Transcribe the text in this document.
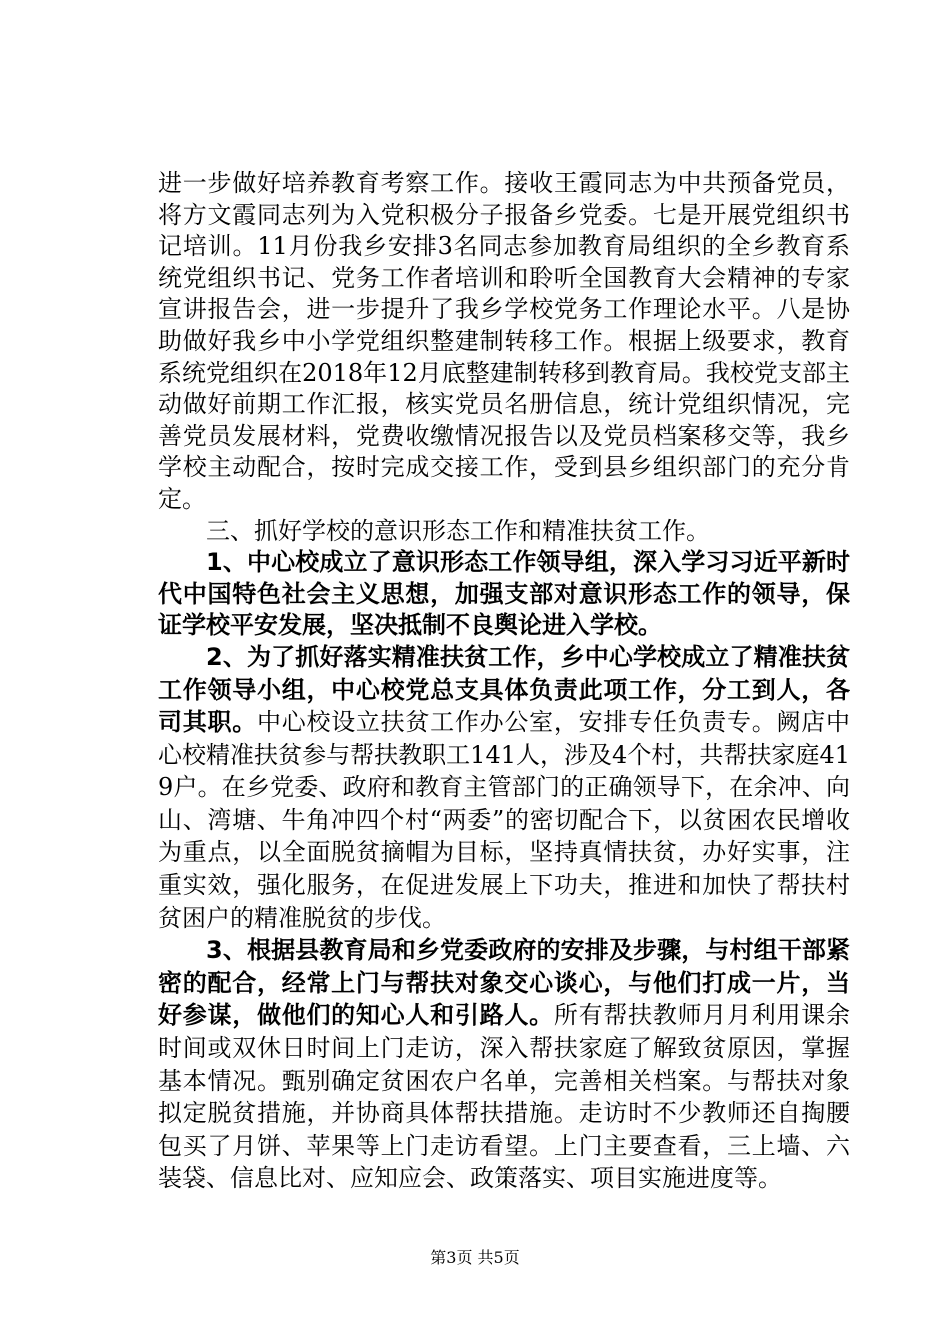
进一步做好培养教育考察工作。接收王霞同志为中共预备党员，将方文霞同志列为入党积极分子报备乡党委。七是开展党组织书记培训。11月份我乡安排3名同志参加教育局组织的全乡教育系统党组织书记、党务工作者培训和聆听全国教育大会精神的专家宣讲报告会，进一步提升了我乡学校党务工作理论水平。八是协助做好我乡中小学党组织整建制转移工作。根据上级要求，教育系统党组织在2018年12月底整建制转移到教育局。我校党支部主动做好前期工作汇报，核实党员名册信息，统计党组织情况，完善党员发展材料，党费收缴情况报告以及党员档案移交等，我乡学校主动配合，按时完成交接工作，受到县乡组织部门的充分肯定。

三、抓好学校的意识形态工作和精准扶贫工作。

1、中心校成立了意识形态工作领导组，深入学习习近平新时代中国特色社会主义思想，加强支部对意识形态工作的领导，保证学校平安发展，坚决抵制不良舆论进入学校。

2、为了抓好落实精准扶贫工作，乡中心学校成立了精准扶贫工作领导小组，中心校党总支具体负责此项工作，分工到人，各司其职。中心校设立扶贫工作办公室，安排专任负责专。阙店中心校精准扶贫参与帮扶教职工141人，涉及4个村，共帮扶家庭419户。在乡党委、政府和教育主管部门的正确领导下，在余冲、向山、湾塘、牛角冲四个村“两委”的密切配合下，以贫困农民增收为重点，以全面脱贫摘帽为目标，坚持真情扶贫，办好实事，注重实效，强化服务，在促进发展上下功夫，推进和加快了帮扶村贫困户的精准脱贫的步伐。

3、根据县教育局和乡党委政府的安排及步骤，与村组干部紧密的配合，经常上门与帮扶对象交心谈心，与他们打成一片，当好参谋，做他们的知心人和引路人。所有帮扶教师月月利用课余时间或双休日时间上门走访，深入帮扶家庭了解致贫原因，掌握基本情况。甄别确定贫困农户名单，完善相关档案。与帮扶对象拟定脱贫措施，并协商具体帮扶措施。走访时不少教师还自掏腰包买了月饼、苹果等上门走访看望。上门主要查看，三上墙、六装袋、信息比对、应知应会、政策落实、项目实施进度等。

第3页 共5页
